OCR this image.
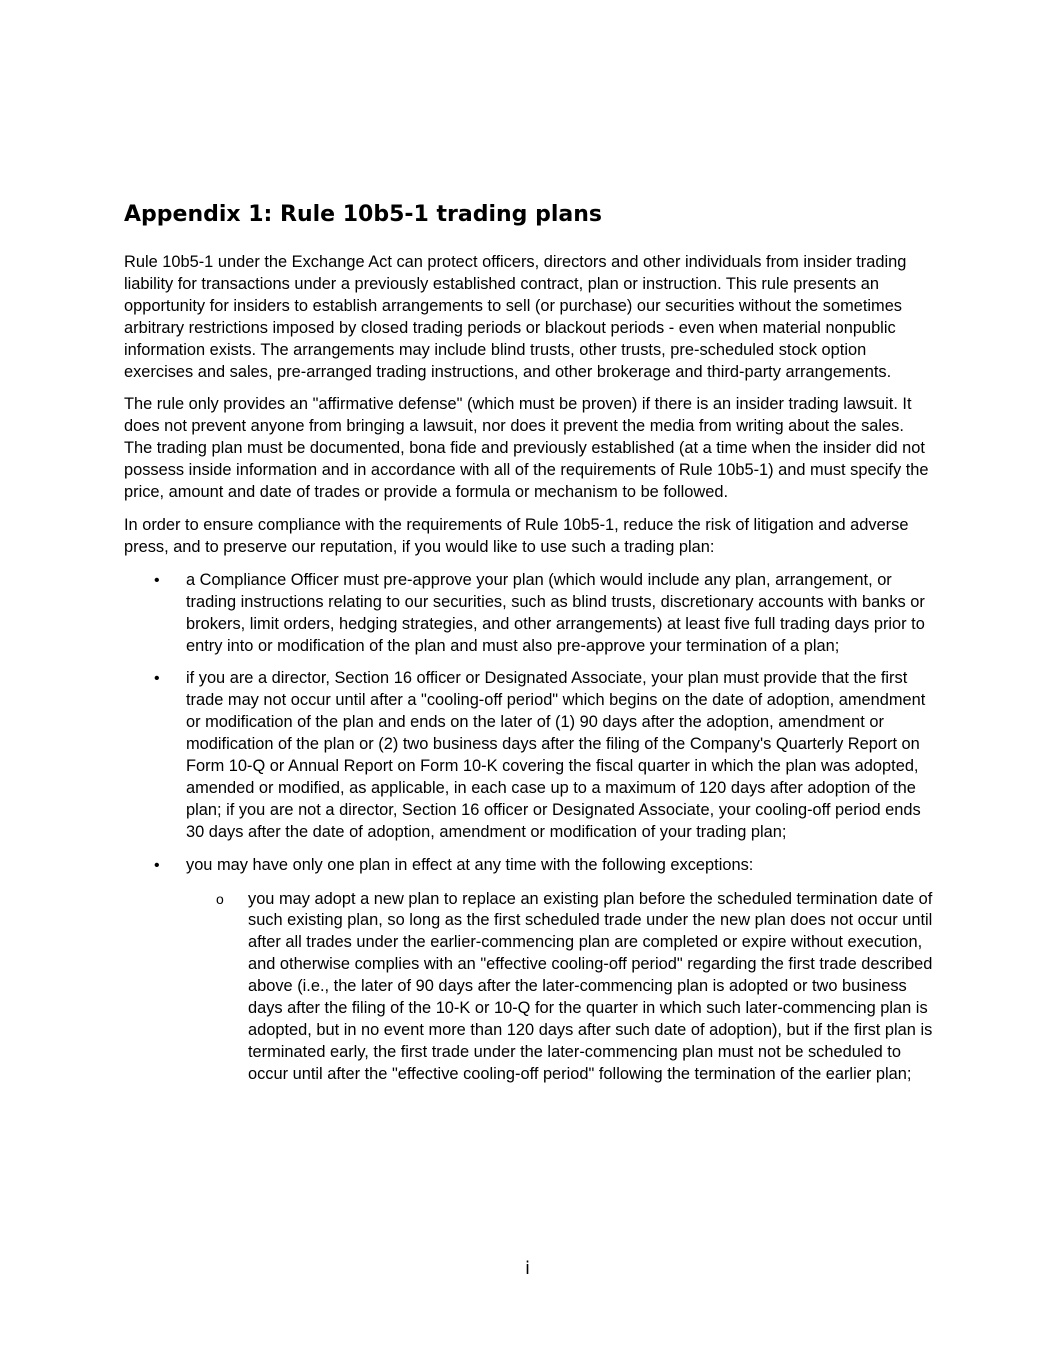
Appendix 1: Rule 10b5-1 trading plans

Rule 10b5-1 under the Exchange Act can protect officers, directors and other individuals from insider trading liability for transactions under a previously established contract, plan or instruction. This rule presents an opportunity for insiders to establish arrangements to sell (or purchase) our securities without the sometimes arbitrary restrictions imposed by closed trading periods or blackout periods - even when material nonpublic information exists. The arrangements may include blind trusts, other trusts, pre-scheduled stock option exercises and sales, pre-arranged trading instructions, and other brokerage and third-party arrangements.

The rule only provides an "affirmative defense" (which must be proven) if there is an insider trading lawsuit. It does not prevent anyone from bringing a lawsuit, nor does it prevent the media from writing about the sales. The trading plan must be documented, bona fide and previously established (at a time when the insider did not possess inside information and in accordance with all of the requirements of Rule 10b5-1) and must specify the price, amount and date of trades or provide a formula or mechanism to be followed.

In order to ensure compliance with the requirements of Rule 10b5-1, reduce the risk of litigation and adverse press, and to preserve our reputation, if you would like to use such a trading plan:

• a Compliance Officer must pre-approve your plan (which would include any plan, arrangement, or trading instructions relating to our securities, such as blind trusts, discretionary accounts with banks or brokers, limit orders, hedging strategies, and other arrangements) at least five full trading days prior to entry into or modification of the plan and must also pre-approve your termination of a plan;
• if you are a director, Section 16 officer or Designated Associate, your plan must provide that the first trade may not occur until after a "cooling-off period" which begins on the date of adoption, amendment or modification of the plan and ends on the later of (1) 90 days after the adoption, amendment or modification of the plan or (2) two business days after the filing of the Company's Quarterly Report on Form 10-Q or Annual Report on Form 10-K covering the fiscal quarter in which the plan was adopted, amended or modified, as applicable, in each case up to a maximum of 120 days after adoption of the plan; if you are not a director, Section 16 officer or Designated Associate, your cooling-off period ends 30 days after the date of adoption, amendment or modification of your trading plan;
• you may have only one plan in effect at any time with the following exceptions:
o you may adopt a new plan to replace an existing plan before the scheduled termination date of such existing plan, so long as the first scheduled trade under the new plan does not occur until after all trades under the earlier-commencing plan are completed or expire without execution, and otherwise complies with an "effective cooling-off period" regarding the first trade described above (i.e., the later of 90 days after the later-commencing plan is adopted or two business days after the filing of the 10-K or 10-Q for the quarter in which such later-commencing plan is adopted, but in no event more than 120 days after such date of adoption), but if the first plan is terminated early, the first trade under the later-commencing plan must not be scheduled to occur until after the "effective cooling-off period" following the termination of the earlier plan;
i
